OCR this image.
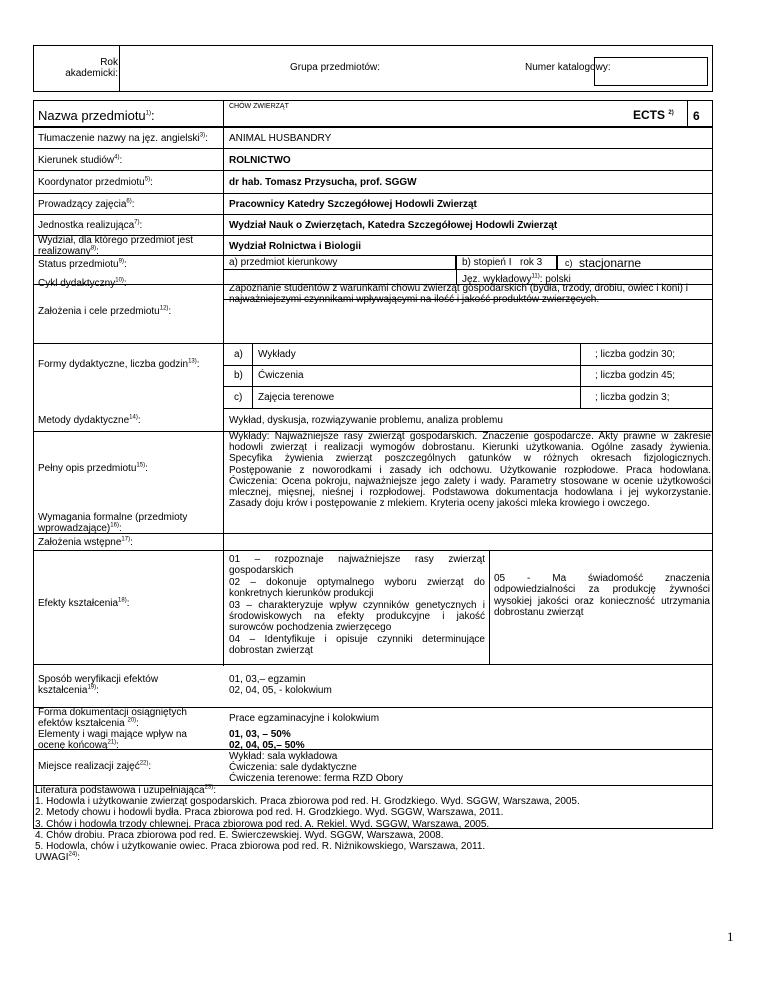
Rok
akademicki:
Grupa przedmiotów:	Numer katalogowy:
Nazwa przedmiotu$^{1)}$:
CHÓW ZWIERZĄT
ECTS $^{2)}$ 6
Tłumaczenie nazwy na jęz. angielski$^{3)}$: ANIMAL HUSBANDRY
Kierunek studiów$^{4)}$:	ROLNICTWO
Koordynator przedmiotu$^{5)}$:	dr hab. Tomasz Przysucha, prof. SGGW
Prowadzący zajęcia$^{6)}$:	Pracownicy Katedry Szczegółowej Hodowli Zwierząt
Jednostka realizująca$^{7)}$:	Wydział Nauk o Zwierzętach, Katedra Szczegółowej Hodowli Zwierząt
Wydział, dla którego przedmiot jest
realizowany$^{8)}$:	Wydział Rolnictwa i Biologii
Status przedmiotu$^{9)}$:	a) przedmiot kierunkowy	b) stopień I rok 3	c) stacjonarne
Cykl dydaktyczny$^{10)}$:	Jęz. wykładowy$^{11)}$: polski
Założenia i cele przedmiotu$^{12)}$:
Zapoznanie studentów z warunkami chowu zwierząt gospodarskich (bydła, trzody, drobiu, owiec i koni) i
najważniejszymi czynnikami wpływającymi na ilość i jakość produktów zwierzęcych.
Formy dydaktyczne, liczba godzin$^{13)}$:
a) Wykłady	; liczba godzin 30;
b) Ćwiczenia	; liczba godzin 45;
c) Zajęcia terenowe	; liczba godzin 3;
Metody dydaktyczne$^{14)}$:	Wykład, dyskusja, rozwiązywanie problemu, analiza problemu
Pełny opis przedmiotu$^{15)}$:
Wykłady: Najważniejsze rasy zwierząt gospodarskich. Znaczenie gospodarcze. Akty prawne w zakresie
hodowli zwierząt i realizacji wymogów dobrostanu. Kierunki użytkowania. Ogólne zasady żywienia.
Specyfika żywienia zwierząt poszczególnych gatunków w różnych okresach fizjologicznych.
Postępowanie z noworodkami i zasady ich odchowu. Użytkowanie rozpłodowe. Praca hodowlana.
Ćwiczenia: Ocena pokroju, najważniejsze jego zalety i wady. Parametry stosowane w ocenie użytkowości
mlecznej, mięsnej, nieśnej i rozpłodowej. Podstawowa dokumentacja hodowlana i jej wykorzystanie.
Zasady doju krów i postępowanie z mlekiem. Kryteria oceny jakości mleka krowiego i owczego.
Wymagania formalne (przedmioty
wprowadzające)$^{16)}$:
Założenia wstępne$^{17)}$:
Efekty kształcenia$^{18)}$:
01 – rozpoznaje najważniejsze rasy zwierząt
gospodarskich
02 – dokonuje optymalnego wyboru zwierząt do
konkretnych kierunków produkcji
03 – charakteryzuje wpływ czynników genetycznych i
środowiskowych na efekty produkcyjne i jakość
surowców pochodzenia zwierzęcego
04 – Identyfikuje i opisuje czynniki determinujące
dobrostan zwierząt
05 - Ma świadomość znaczenia
odpowiedzialności za produkcję żywności
wysokiej jakości oraz konieczność utrzymania
dobrostanu zwierząt
Sposób weryfikacji efektów
kształcenia$^{19)}$:
01, 03,– egzamin
02, 04, 05, - kolokwium
Forma dokumentacji osiągniętych
efektów kształcenia $^{20)}$:	Prace egzaminacyjne i kolokwium
Elementy i wagi mające wpływ na
ocenę końcową$^{21)}$:
01, 03, – 50%
02, 04, 05,– 50%
Miejsce realizacji zajęć$^{22)}$:
Wykład: sala wykładowa
Ćwiczenia: sale dydaktyczne
Ćwiczenia terenowe: ferma RZD Obory
Literatura podstawowa i uzupełniająca$^{23)}$:
1. Hodowla i użytkowanie zwierząt gospodarskich. Praca zbiorowa pod red. H. Grodzkiego. Wyd. SGGW, Warszawa, 2005.
2. Metody chowu i hodowli bydła. Praca zbiorowa pod red. H. Grodzkiego. Wyd. SGGW, Warszawa, 2011.
3. Chów i hodowla trzody chlewnej. Praca zbiorowa pod red. A. Rekiel. Wyd. SGGW, Warszawa, 2005.
4. Chów drobiu. Praca zbiorowa pod red. E. Świerczewskiej. Wyd. SGGW, Warszawa, 2008.
5. Hodowla, chów i użytkowanie owiec. Praca zbiorowa pod red. R. Niżnikowskiego, Warszawa, 2011.
UWAGI$^{24)}$:
1
